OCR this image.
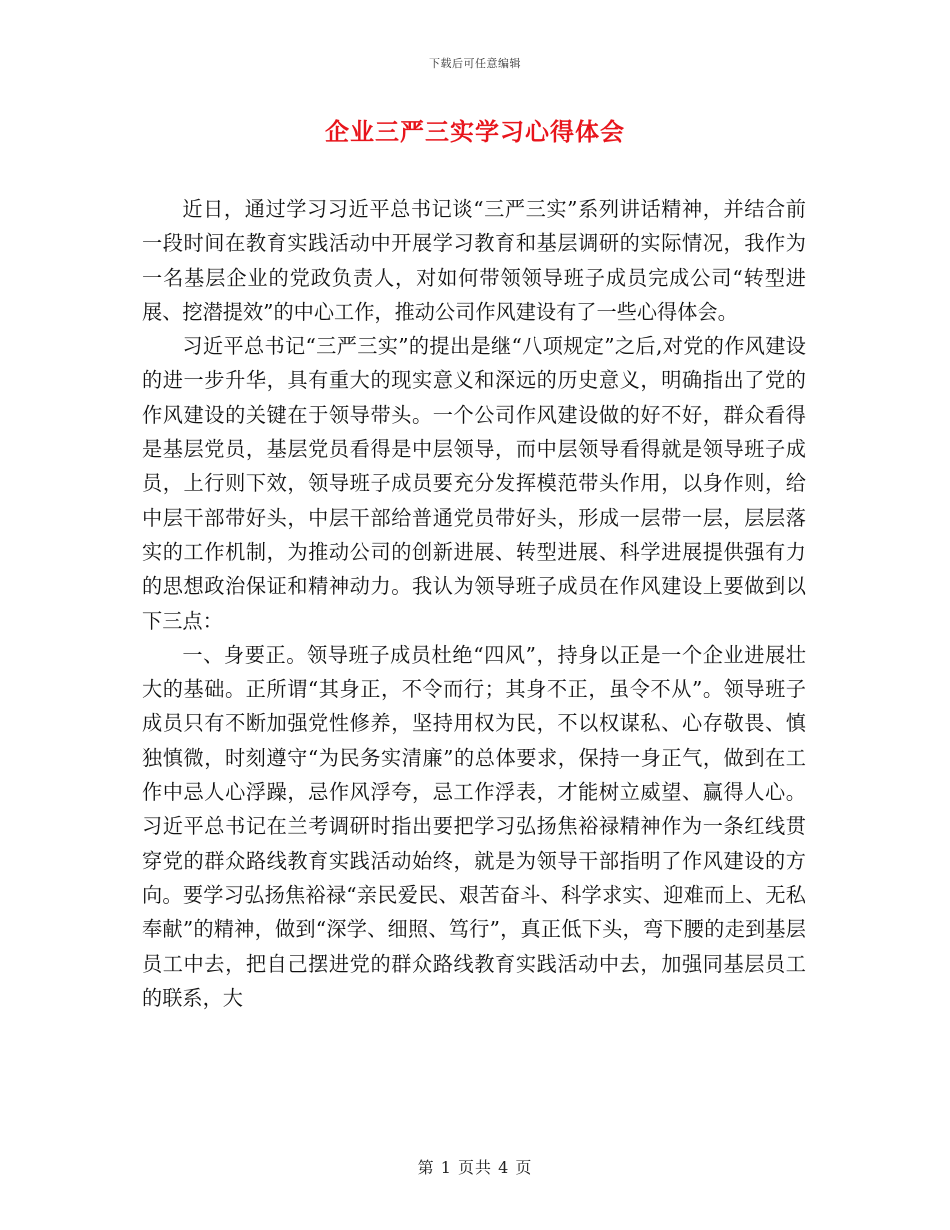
下载后可任意编辑
企业三严三实学习心得体会

近日，通过学习习近平总书记谈“三严三实”系列讲话精神，并结合前一段时间在教育实践活动中开展学习教育和基层调研的实际情况，我作为一名基层企业的党政负责人，对如何带领领导班子成员完成公司“转型进展、挖潜提效”的中心工作，推动公司作风建设有了一些心得体会。

习近平总书记“三严三实”的提出是继“八项规定”之后,对党的作风建设的进一步升华，具有重大的现实意义和深远的历史意义，明确指出了党的作风建设的关键在于领导带头。一个公司作风建设做的好不好，群众看得是基层党员，基层党员看得是中层领导，而中层领导看得就是领导班子成员，上行则下效，领导班子成员要充分发挥模范带头作用，以身作则，给中层干部带好头，中层干部给普通党员带好头，形成一层带一层，层层落实的工作机制，为推动公司的创新进展、转型进展、科学进展提供强有力的思想政治保证和精神动力。我认为领导班子成员在作风建设上要做到以下三点：

一、身要正。领导班子成员杜绝“四风”，持身以正是一个企业进展壮大的基础。正所谓“其身正，不令而行；其身不正，虽令不从”。领导班子成员只有不断加强党性修养，坚持用权为民，不以权谋私、心存敬畏、慎独慎微，时刻遵守“为民务实清廉”的总体要求，保持一身正气，做到在工作中忌人心浮躁，忌作风浮夸，忌工作浮表，才能树立威望、赢得人心。习近平总书记在兰考调研时指出要把学习弘扬焦裕禄精神作为一条红线贯穿党的群众路线教育实践活动始终，就是为领导干部指明了作风建设的方向。要学习弘扬焦裕禄“亲民爱民、艰苦奋斗、科学求实、迎难而上、无私奉献”的精神，做到“深学、细照、笃行”，真正低下头，弯下腰的走到基层员工中去，把自己摆进党的群众路线教育实践活动中去，加强同基层员工的联系，大

第 1 页共 4 页
